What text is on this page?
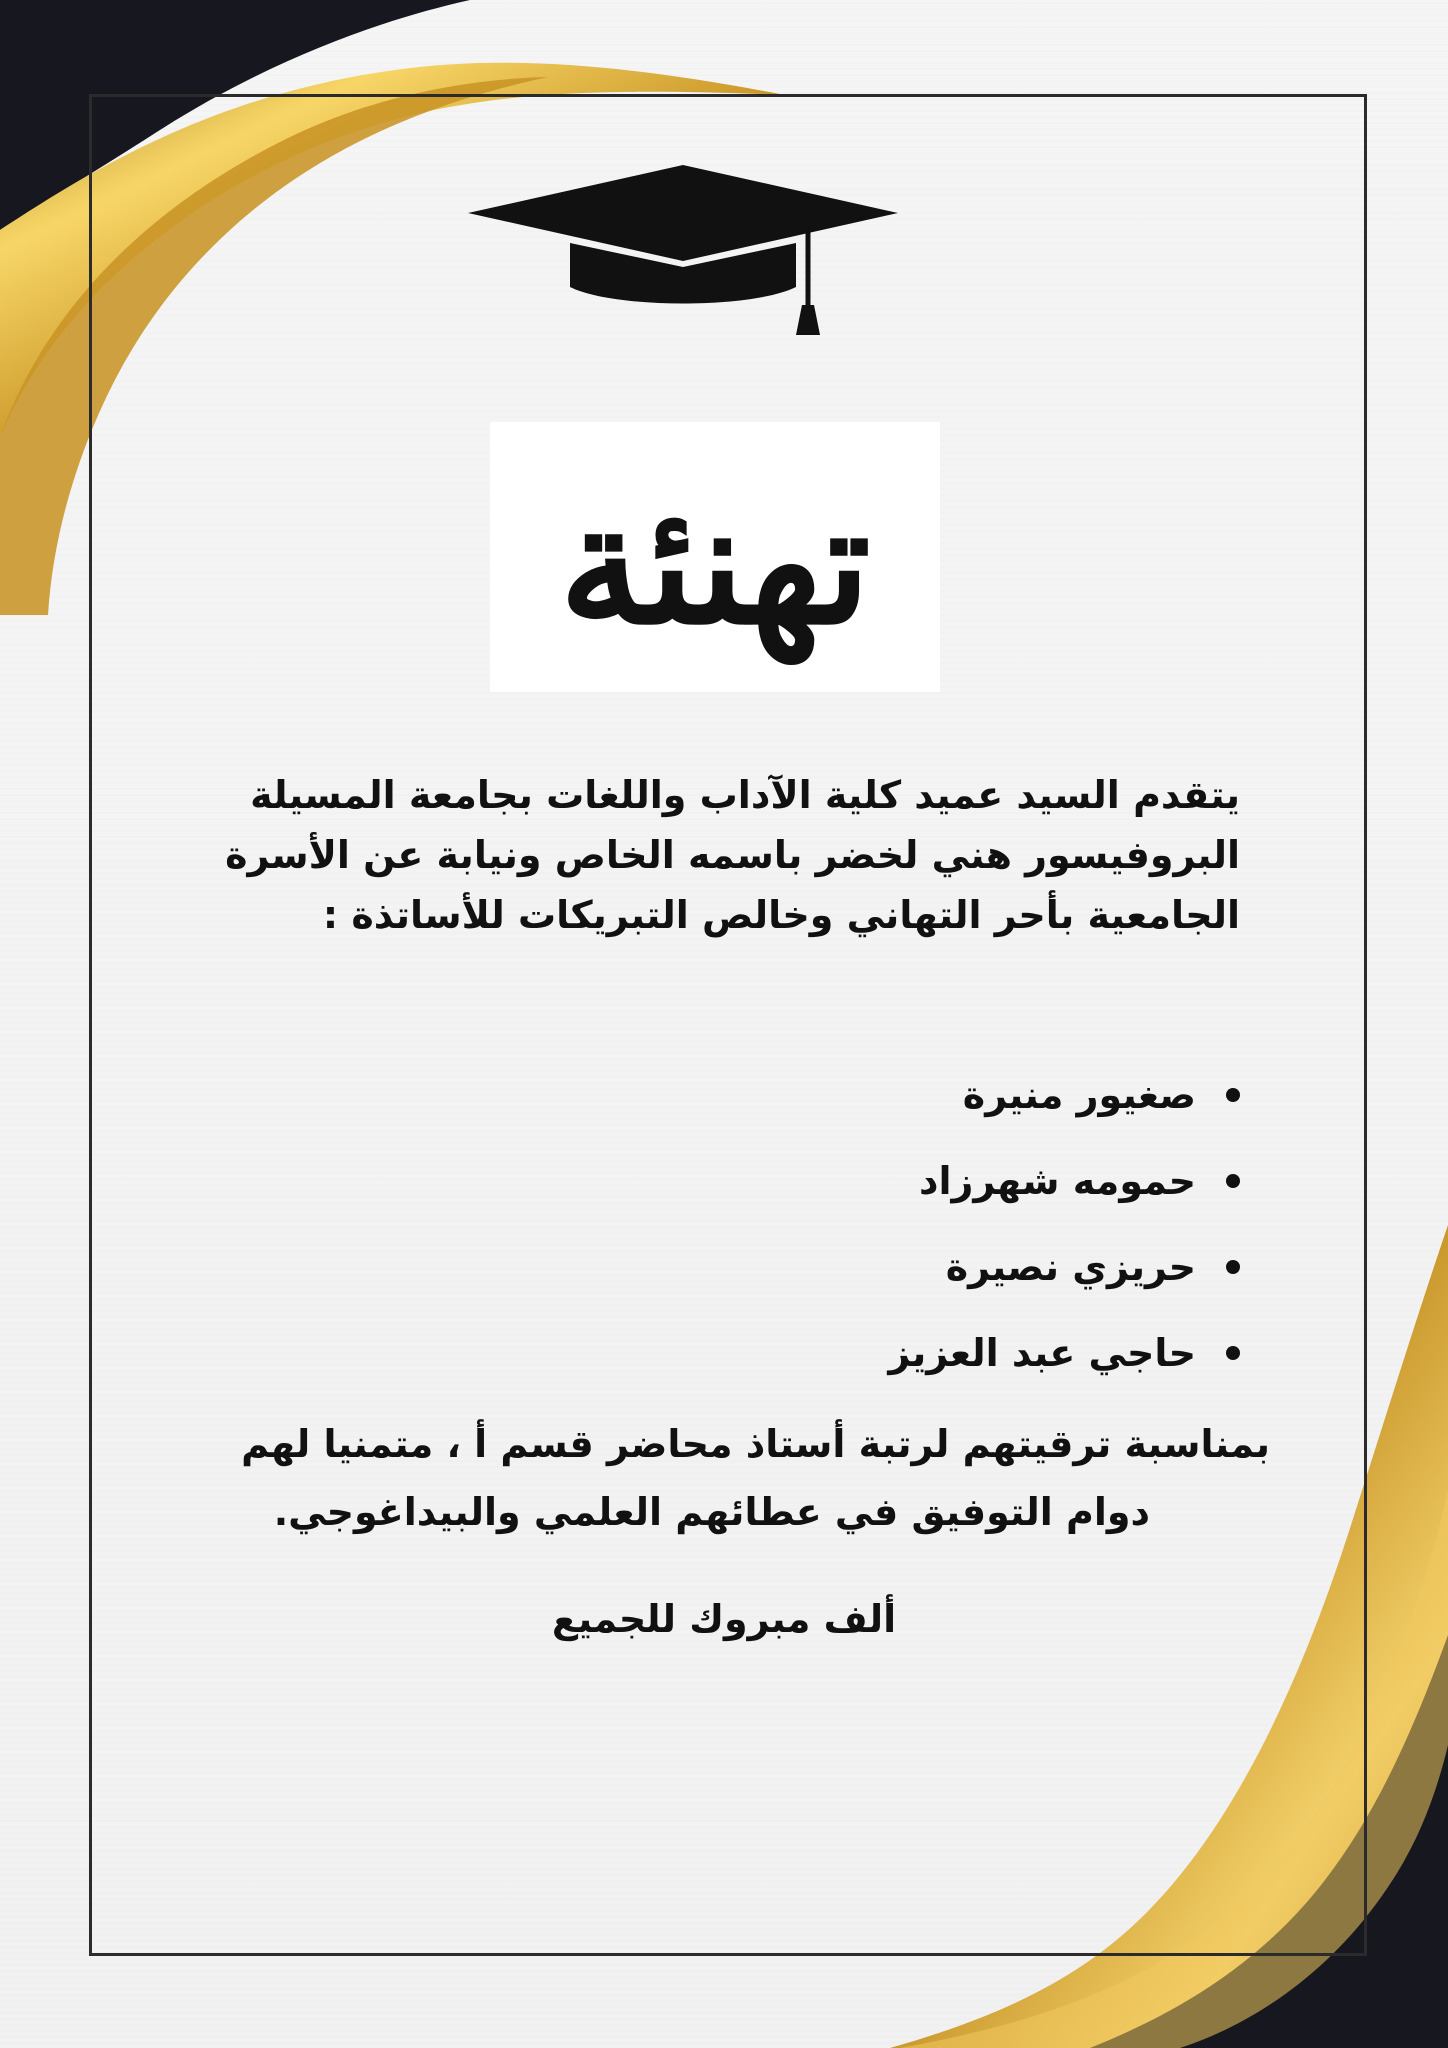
تهنئة
يتقدم السيد عميد كلية الآداب واللغات بجامعة المسيلة
البروفيسور هني لخضر باسمه الخاص ونيابة عن الأسرة
الجامعية بأحر التهاني وخالص التبريكات للأساتذة :
صغيور منيرة
حمومه شهرزاد
حريزي نصيرة
حاجي عبد العزيز
بمناسبة ترقيتهم لرتبة أستاذ محاضر قسم أ ، متمنيا لهم
دوام التوفيق في عطائهم العلمي والبيداغوجي.
ألف مبروك للجميع
